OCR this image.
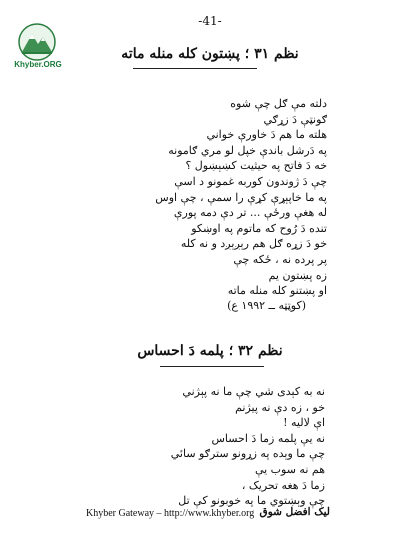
-41-
Khyber.ORG
نظم ۳۱ ؛ پښتون کله منله ماته
دلته مې ګل چې شوه
ګونټې دَ زړګي
هلته ما هم دَ خاورې خواني
په دَرشل باندې خپل لو مري ګامونه
خه دَ فاتح په حیثیت کښېښول ؟
چې دَ ژوندون کوربه غمونو د اسې
په ما خاپېړې کړې را سمې ، چې اوس
له هغې ورځې ... تر دې دمه پورې
تنده دَ رُوح که ماتوم په اوښکو
خو دَ زړه ګل هم رېږېږد و نه کله
پر پرده نه ، ځکه چې
زه پښتون یم
او پښتنو کله منله ماته
(کوټټه ــ ۱۹۹۲ ع)
نظم ۳۲ ؛ پلمه دَ احساس
نه به کېدی شي چې ما نه پېژني
خو ، زه دې نه پیژنم
اې لالیه !
نه یې پلمه زما دَ احساس
چې ما وېده په زړونو سترګو سائي
هم نه سوب یې
زما دَ هغه تحریک ،
چې وېښتوي ما په خوبونو کې تل
Khyber Gateway – http://www.khyber.org لیک افضل شوق
